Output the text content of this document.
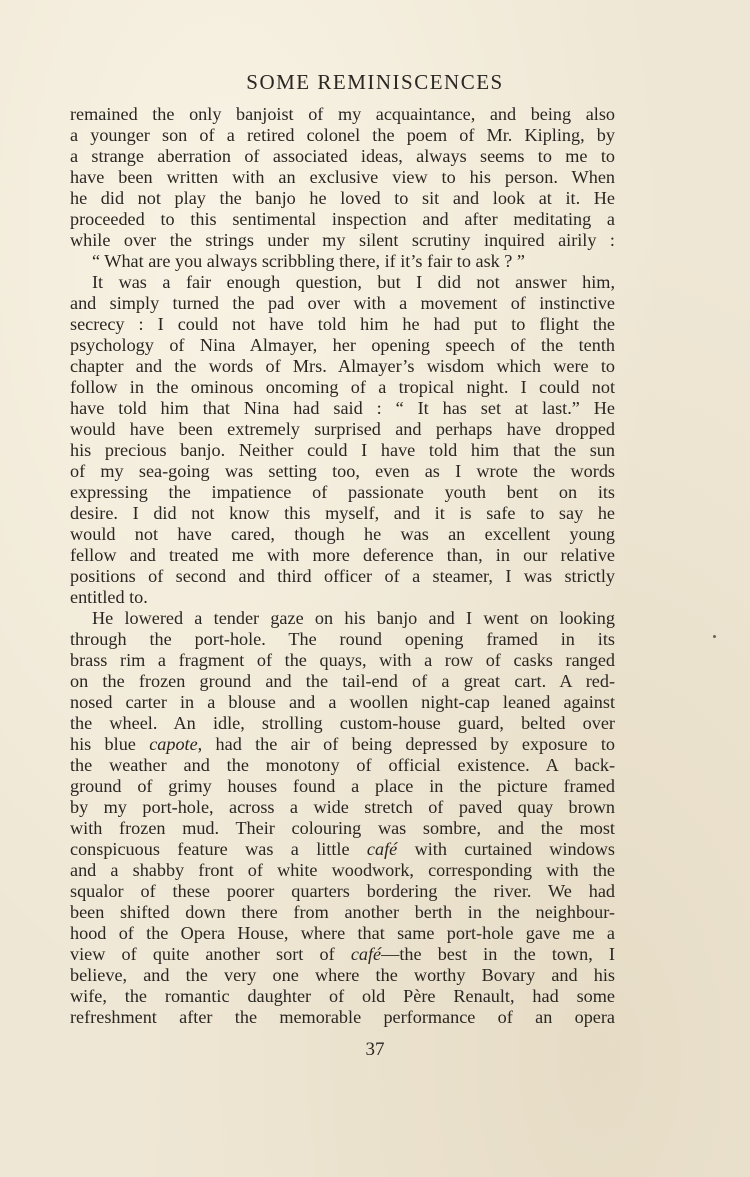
SOME REMINISCENCES
remained the only banjoist of my acquaintance, and being also
a younger son of a retired colonel the poem of Mr. Kipling, by
a strange aberration of associated ideas, always seems to me to
have been written with an exclusive view to his person. When
he did not play the banjo he loved to sit and look at it. He
proceeded to this sentimental inspection and after meditating a
while over the strings under my silent scrutiny inquired airily :
“ What are you always scribbling there, if it’s fair to ask ? ”
It was a fair enough question, but I did not answer him,
and simply turned the pad over with a movement of instinctive
secrecy : I could not have told him he had put to flight the
psychology of Nina Almayer, her opening speech of the tenth
chapter and the words of Mrs. Almayer’s wisdom which were to
follow in the ominous oncoming of a tropical night. I could not
have told him that Nina had said : “ It has set at last.” He
would have been extremely surprised and perhaps have dropped
his precious banjo. Neither could I have told him that the sun
of my sea-going was setting too, even as I wrote the words
expressing the impatience of passionate youth bent on its
desire. I did not know this myself, and it is safe to say he
would not have cared, though he was an excellent young
fellow and treated me with more deference than, in our relative
positions of second and third officer of a steamer, I was strictly
entitled to.
He lowered a tender gaze on his banjo and I went on looking
through the port-hole. The round opening framed in its
brass rim a fragment of the quays, with a row of casks ranged
on the frozen ground and the tail-end of a great cart. A red-
nosed carter in a blouse and a woollen night-cap leaned against
the wheel. An idle, strolling custom-house guard, belted over
his blue capote, had the air of being depressed by exposure to
the weather and the monotony of official existence. A back-
ground of grimy houses found a place in the picture framed
by my port-hole, across a wide stretch of paved quay brown
with frozen mud. Their colouring was sombre, and the most
conspicuous feature was a little café with curtained windows
and a shabby front of white woodwork, corresponding with the
squalor of these poorer quarters bordering the river. We had
been shifted down there from another berth in the neighbour-
hood of the Opera House, where that same port-hole gave me a
view of quite another sort of café—the best in the town, I
believe, and the very one where the worthy Bovary and his
wife, the romantic daughter of old Père Renault, had some
refreshment after the memorable performance of an opera
37
